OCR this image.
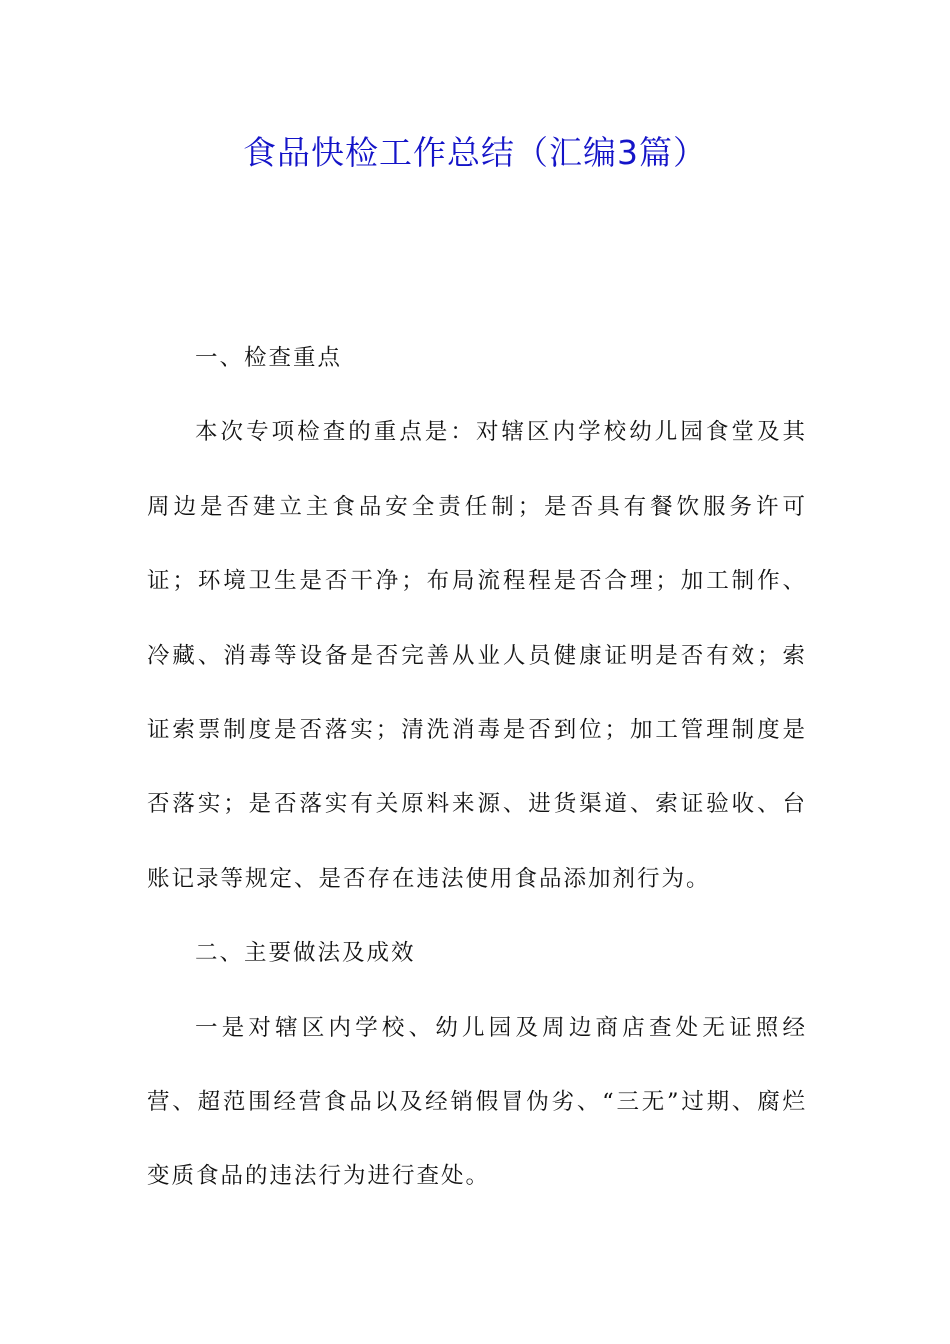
食品快检工作总结（汇编3篇）

一、检查重点

本次专项检查的重点是：对辖区内学校幼儿园食堂及其周边是否建立主食品安全责任制；是否具有餐饮服务许可证；环境卫生是否干净；布局流程程是否合理；加工制作、冷藏、消毒等设备是否完善从业人员健康证明是否有效；索证索票制度是否落实；清洗消毒是否到位；加工管理制度是否落实；是否落实有关原料来源、进货渠道、索证验收、台账记录等规定、是否存在违法使用食品添加剂行为。

二、主要做法及成效

一是对辖区内学校、幼儿园及周边商店查处无证照经营、超范围经营食品以及经销假冒伪劣、“三无”过期、腐烂变质食品的违法行为进行查处。
